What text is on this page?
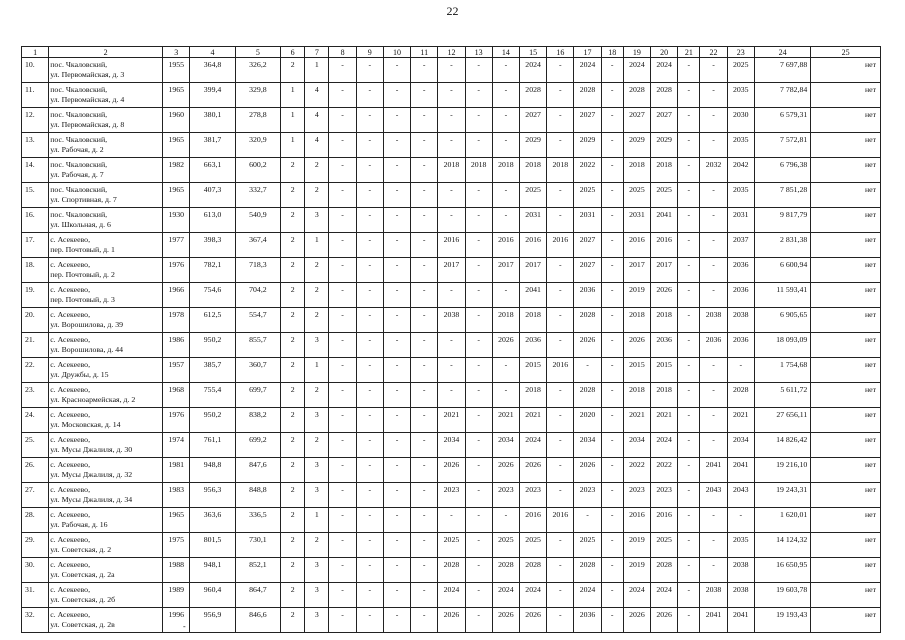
22
1	2	3	4	5	6	7	8	9	10	11	12	13	14	15	16	17	18	19	20	21	22	23	24	25
10.	пос. Чкаловский,
ул. Первомайская, д. 3	1955	364,8	326,2	2	1	-	-	-	-	-	-	-	2024	-	2024	-	2024	2024	-	-	2025	7 697,88	нет
11.	пос. Чкаловский,
ул. Первомайская, д. 4	1965	399,4	329,8	1	4	-	-	-	-	-	-	-	2028	-	2028	-	2028	2028	-	-	2035	7 782,84	нет
12.	пос. Чкаловский,
ул. Первомайская, д. 8	1960	380,1	278,8	1	4	-	-	-	-	-	-	-	2027	-	2027	-	2027	2027	-	-	2030	6 579,31	нет
13.	пос. Чкаловский,
ул. Рабочая, д. 2	1965	381,7	320,9	1	4	-	-	-	-	-	-	-	2029	-	2029	-	2029	2029	-	-	2035	7 572,81	нет
14.	пос. Чкаловский,
ул. Рабочая, д. 7	1982	663,1	600,2	2	2	-	-	-	-	2018	2018	2018	2018	2018	2022	-	2018	2018	-	2032	2042	6 796,38	нет
15.	пос. Чкаловский,
ул. Спортивная, д. 7	1965	407,3	332,7	2	2	-	-	-	-	-	-	-	2025	-	2025	-	2025	2025	-	-	2035	7 851,28	нет
16.	пос. Чкаловский,
ул. Школьная, д. 6	1930	613,0	540,9	2	3	-	-	-	-	-	-	-	2031	-	2031	-	2031	2041	-	-	2031	9 817,79	нет
17.	с. Асекеево,
пер. Почтовый, д. 1	1977	398,3	367,4	2	1	-	-	-	-	2016	-	2016	2016	2016	2027	-	2016	2016	-	-	2037	2 831,38	нет
18.	с. Асекеево,
пер. Почтовый, д. 2	1976	782,1	718,3	2	2	-	-	-	-	2017	-	2017	2017	-	2027	-	2017	2017	-	-	2036	6 600,94	нет
19.	с. Асекеево,
пер. Почтовый, д. 3	1966	754,6	704,2	2	2	-	-	-	-	-	-	-	2041	-	2036	-	2019	2026	-	-	2036	11 593,41	нет
20.	с. Асекеево,
ул. Ворошилова, д. 39	1978	612,5	554,7	2	2	-	-	-	-	2038	-	2018	2018	-	2028	-	2018	2018	-	2038	2038	6 905,65	нет
21.	с. Асекеево,
ул. Ворошилова, д. 44	1986	950,2	855,7	2	3	-	-	-	-	-	-	2026	2036	-	2026	-	2026	2036	-	2036	2036	18 093,09	нет
22.	с. Асекеево,
ул. Дружбы, д. 15	1957	385,7	360,7	2	1	-	-	-	-	-	-	-	2015	2016	-	-	2015	2015	-	-	-	1 754,68	нет
23.	с. Асекеево,
ул. Красноармейская, д. 2	1968	755,4	699,7	2	2	-	-	-	-	-	-	-	2018	-	2028	-	2018	2018	-	-	2028	5 611,72	нет
24.	с. Асекеево,
ул. Московская, д. 14	1976	950,2	838,2	2	3	-	-	-	-	2021	-	2021	2021	-	2020	-	2021	2021	-	-	2021	27 656,11	нет
25.	с. Асекеево,
ул. Мусы Джалиля, д. 30	1974	761,1	699,2	2	2	-	-	-	-	2034	-	2034	2024	-	2034	-	2034	2024	-	-	2034	14 826,42	нет
26.	с. Асекеево,
ул. Мусы Джалиля, д. 32	1981	948,8	847,6	2	3	-	-	-	-	2026	-	2026	2026	-	2026	-	2022	2022	-	2041	2041	19 216,10	нет
27.	с. Асекеево,
ул. Мусы Джалиля, д. 34	1983	956,3	848,8	2	3	-	-	-	-	2023	-	2023	2023	-	2023	-	2023	2023	-	2043	2043	19 243,31	нет
28.	с. Асекеево,
ул. Рабочая, д. 16	1965	363,6	336,5	2	1	-	-	-	-	-	-	-	2016	2016	-	-	2016	2016	-	-	-	1 620,01	нет
29.	с. Асекеево,
ул. Советская, д. 2	1975	801,5	730,1	2	2	-	-	-	-	2025	-	2025	2025	-	2025	-	2019	2025	-	-	2035	14 124,32	нет
30.	с. Асекеево,
ул. Советская, д. 2а	1988	948,1	852,1	2	3	-	-	-	-	2028	-	2028	2028	-	2028	-	2019	2028	-	-	2038	16 650,95	нет
31.	с. Асекеево,
ул. Советская, д. 2б	1989	960,4	864,7	2	3	-	-	-	-	2024	-	2024	2024	-	2024	-	2024	2024	-	2038	2038	19 603,78	нет
32.	с. Асекеево,
ул. Советская, д. 2в	1996	956,9	846,6	2	3	-	-	-	-	2026	-	2026	2026	-	2036	-	2026	2026	-	2041	2041	19 193,43	нет
-
